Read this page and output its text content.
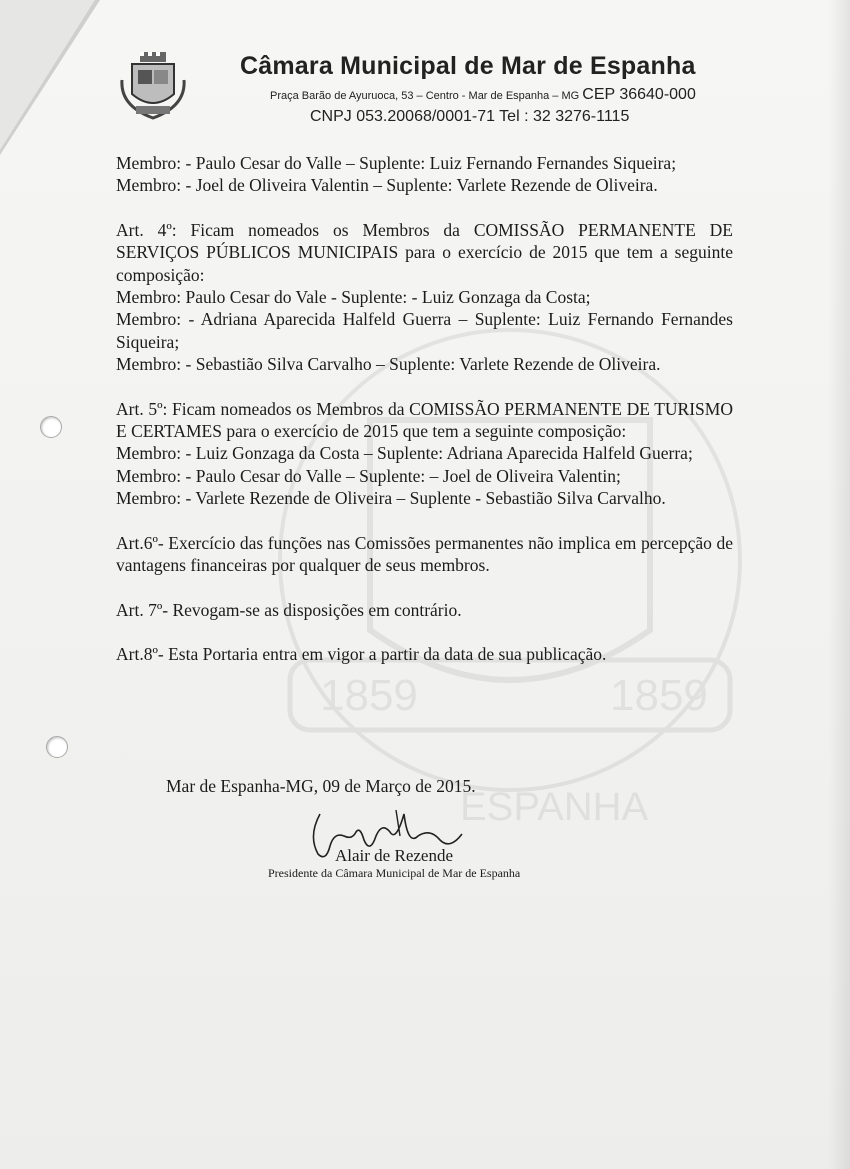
1859	1859
ESPANHA
Câmara Municipal de Mar de Espanha
Praça Barão de Ayuruoca, 53 – Centro - Mar de Espanha – MG CEP 36640-000
CNPJ 053.20068/0001-71 Tel : 32 3276-1115

Membro: - Paulo Cesar do Valle – Suplente: Luiz Fernando Fernandes Siqueira;

Membro: - Joel de Oliveira Valentin – Suplente: Varlete Rezende de Oliveira.

Art. 4º: Ficam nomeados os Membros da COMISSÃO PERMANENTE DE SERVIÇOS PÚBLICOS MUNICIPAIS para o exercício de 2015 que tem a seguinte composição:

Membro: Paulo Cesar do Vale - Suplente: - Luiz Gonzaga da Costa;

Membro: - Adriana Aparecida Halfeld Guerra – Suplente: Luiz Fernando Fernandes Siqueira;

Membro: - Sebastião Silva Carvalho – Suplente: Varlete Rezende de Oliveira.

Art. 5º: Ficam nomeados os Membros da COMISSÃO PERMANENTE DE TURISMO E CERTAMES para o exercício de 2015 que tem a seguinte composição:

Membro: - Luiz Gonzaga da Costa – Suplente: Adriana Aparecida Halfeld Guerra;

Membro: - Paulo Cesar do Valle – Suplente: – Joel de Oliveira Valentin;

Membro: - Varlete Rezende de Oliveira – Suplente - Sebastião Silva Carvalho.

Art.6º- Exercício das funções nas Comissões permanentes não implica em percepção de vantagens financeiras por qualquer de seus membros.

Art. 7º- Revogam-se as disposições em contrário.

Art.8º- Esta Portaria entra em vigor a partir da data de sua publicação.

Mar de Espanha-MG, 09 de Março de 2015.
Alair de Rezende
Presidente da Câmara Municipal de Mar de Espanha
